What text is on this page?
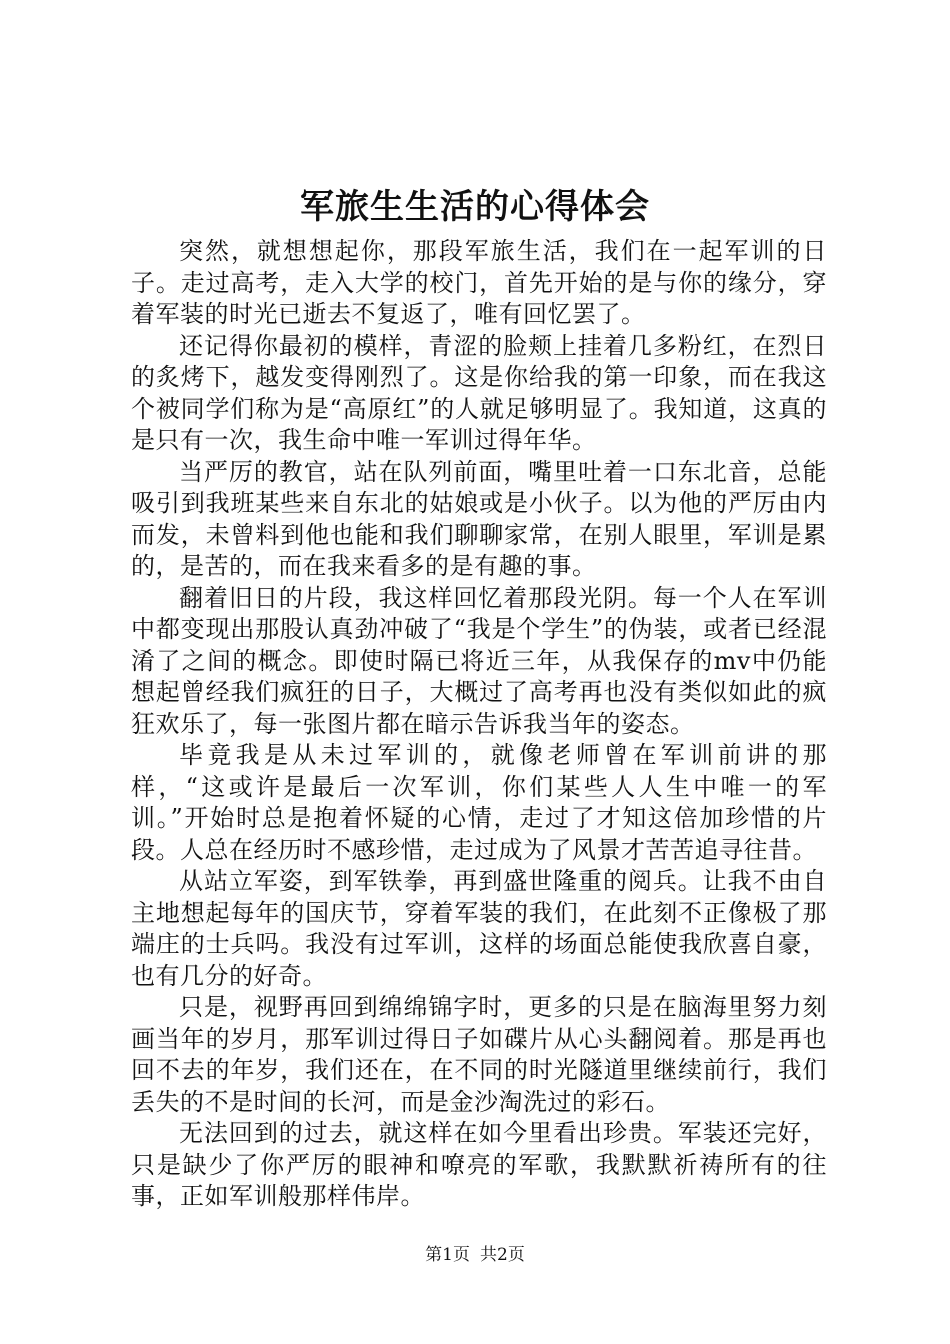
军旅生生活的心得体会

突然，就想想起你，那段军旅生活，我们在一起军训的日子。走过高考，走入大学的校门，首先开始的是与你的缘分，穿着军装的时光已逝去不复返了，唯有回忆罢了。

还记得你最初的模样，青涩的脸颊上挂着几多粉红，在烈日的炙烤下，越发变得刚烈了。这是你给我的第一印象，而在我这个被同学们称为是“高原红”的人就足够明显了。我知道，这真的是只有一次，我生命中唯一军训过得年华。

当严厉的教官，站在队列前面，嘴里吐着一口东北音，总能吸引到我班某些来自东北的姑娘或是小伙子。以为他的严厉由内而发，未曾料到他也能和我们聊聊家常，在别人眼里，军训是累的，是苦的，而在我来看多的是有趣的事。

翻着旧日的片段，我这样回忆着那段光阴。每一个人在军训中都变现出那股认真劲冲破了“我是个学生”的伪装，或者已经混淆了之间的概念。即使时隔已将近三年，从我保存的mv中仍能想起曾经我们疯狂的日子，大概过了高考再也没有类似如此的疯狂欢乐了，每一张图片都在暗示告诉我当年的姿态。

毕竟我是从未过军训的，就像老师曾在军训前讲的那样，“这或许是最后一次军训，你们某些人人生中唯一的军训。”开始时总是抱着怀疑的心情，走过了才知这倍加珍惜的片段。人总在经历时不感珍惜，走过成为了风景才苦苦追寻往昔。

从站立军姿，到军铁拳，再到盛世隆重的阅兵。让我不由自主地想起每年的国庆节，穿着军装的我们，在此刻不正像极了那端庄的士兵吗。我没有过军训，这样的场面总能使我欣喜自豪，也有几分的好奇。

只是，视野再回到绵绵锦字时，更多的只是在脑海里努力刻画当年的岁月，那军训过得日子如碟片从心头翻阅着。那是再也回不去的年岁，我们还在，在不同的时光隧道里继续前行，我们丢失的不是时间的长河，而是金沙淘洗过的彩石。

无法回到的过去，就这样在如今里看出珍贵。军装还完好，只是缺少了你严厉的眼神和嘹亮的军歌，我默默祈祷所有的往事，正如军训般那样伟岸。

第1页 共2页
